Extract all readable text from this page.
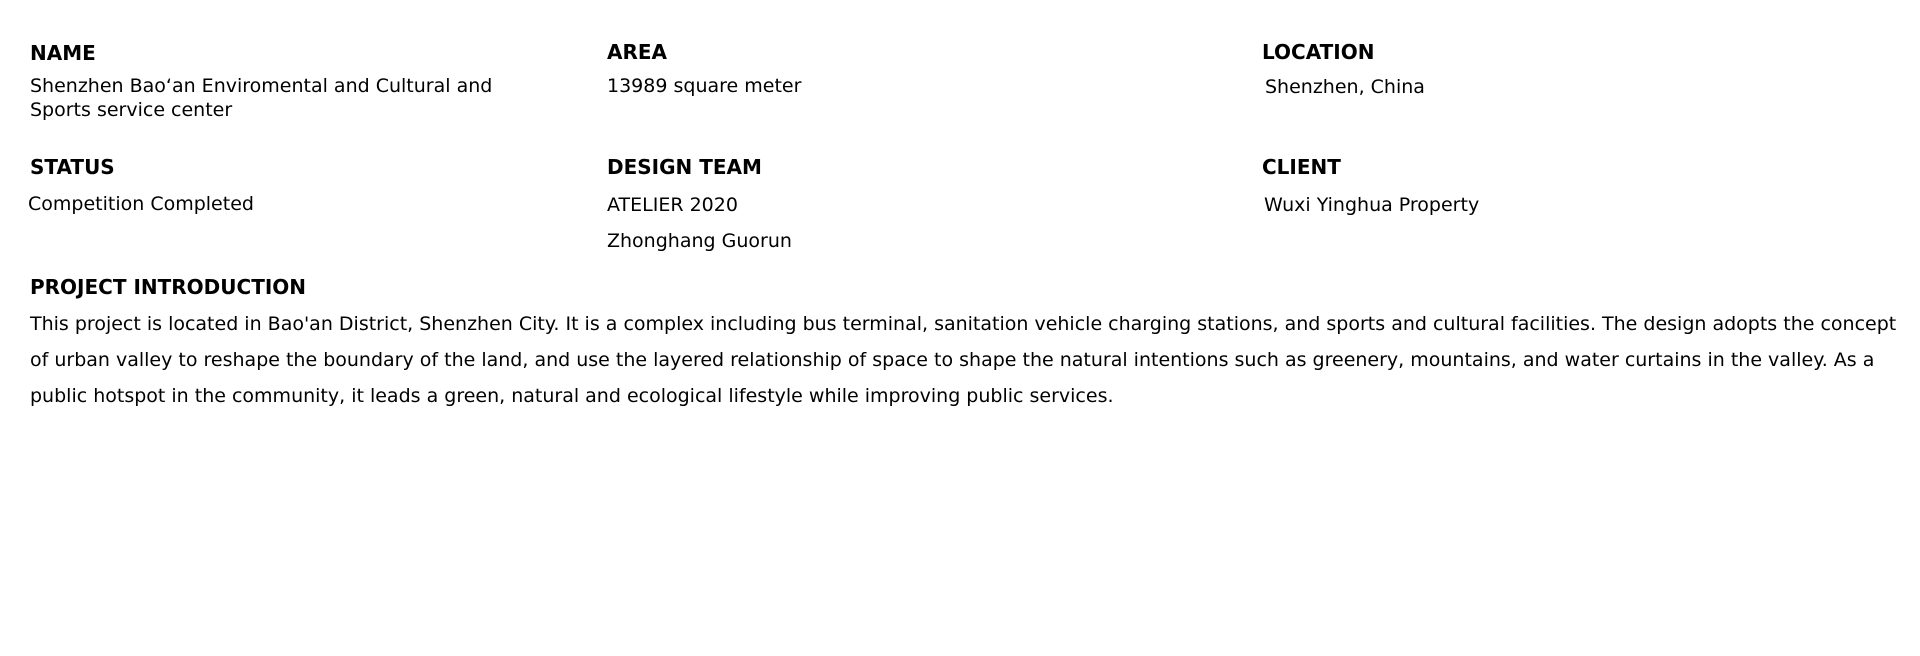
NAME
Shenzhen Bao‘an Enviromental and Cultural and
Sports service center
AREA
13989 square meter
LOCATION
Shenzhen, China
STATUS
Competition Completed
DESIGN TEAM
ATELIER 2020
Zhonghang Guorun
CLIENT
Wuxi Yinghua Property
PROJECT INTRODUCTION
This project is located in Bao'an District, Shenzhen City. It is a complex including bus terminal, sanitation vehicle charging stations, and sports and cultural facilities. The design adopts the concept of urban valley to reshape the boundary of the land, and use the layered relationship of space to shape the natural intentions such as greenery, mountains, and water curtains in the valley. As a public hotspot in the community, it leads a green, natural and ecological lifestyle while improving public services.
